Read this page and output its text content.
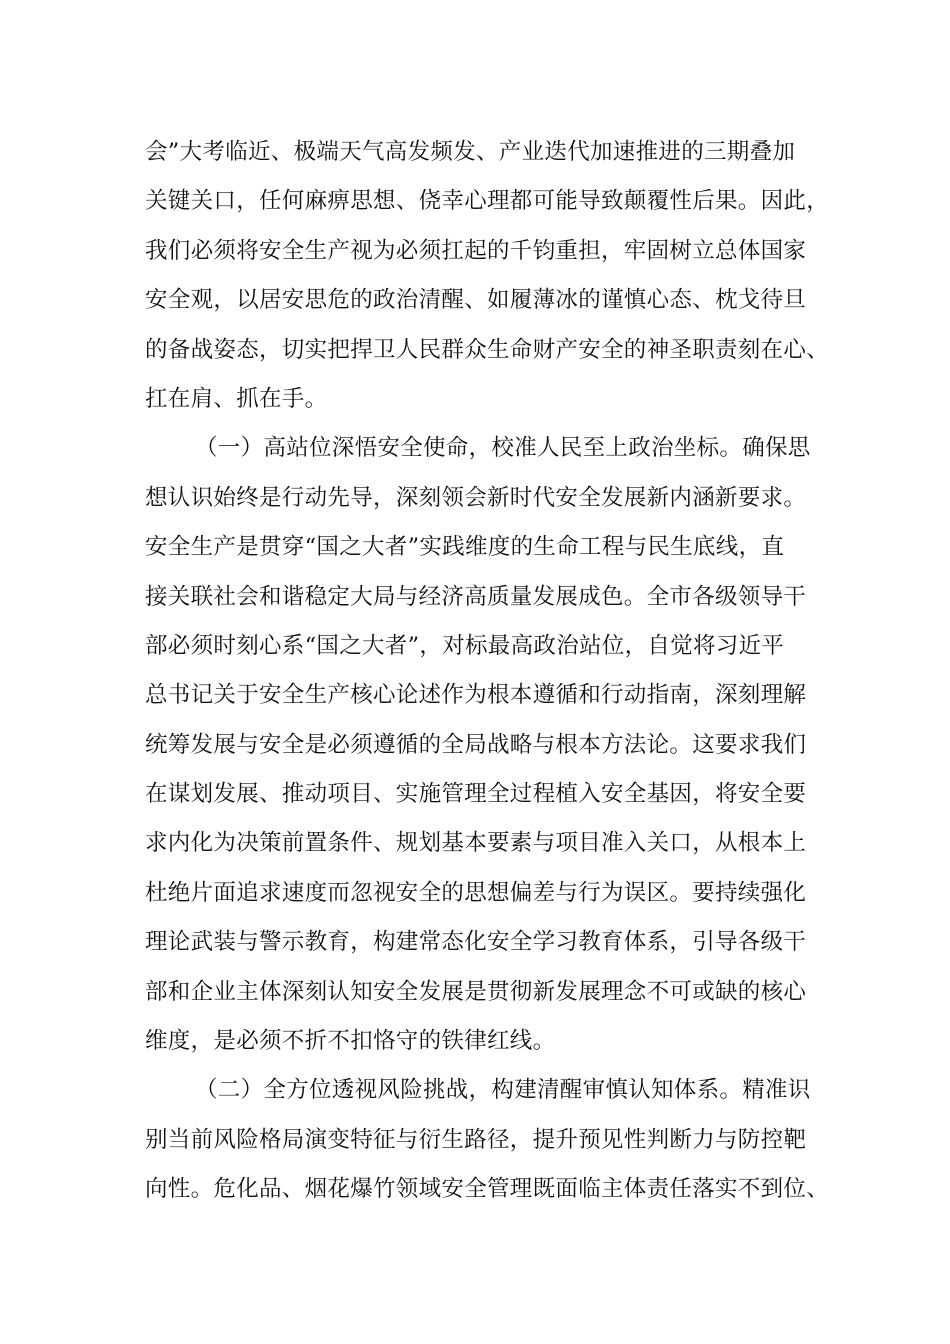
会”大考临近、极端天气高发频发、产业迭代加速推进的三期叠加
关键关口，任何麻痹思想、侥幸心理都可能导致颠覆性后果。因此，
我们必须将安全生产视为必须扛起的千钧重担，牢固树立总体国家
安全观，以居安思危的政治清醒、如履薄冰的谨慎心态、枕戈待旦
的备战姿态，切实把捍卫人民群众生命财产安全的神圣职责刻在心、
扛在肩、抓在手。
（一）高站位深悟安全使命，校准人民至上政治坐标。确保思
想认识始终是行动先导，深刻领会新时代安全发展新内涵新要求。
安全生产是贯穿“国之大者”实践维度的生命工程与民生底线，直
接关联社会和谐稳定大局与经济高质量发展成色。全市各级领导干
部必须时刻心系“国之大者”，对标最高政治站位，自觉将习近平
总书记关于安全生产核心论述作为根本遵循和行动指南，深刻理解
统筹发展与安全是必须遵循的全局战略与根本方法论。这要求我们
在谋划发展、推动项目、实施管理全过程植入安全基因，将安全要
求内化为决策前置条件、规划基本要素与项目准入关口，从根本上
杜绝片面追求速度而忽视安全的思想偏差与行为误区。要持续强化
理论武装与警示教育，构建常态化安全学习教育体系，引导各级干
部和企业主体深刻认知安全发展是贯彻新发展理念不可或缺的核心
维度，是必须不折不扣恪守的铁律红线。
（二）全方位透视风险挑战，构建清醒审慎认知体系。精准识
别当前风险格局演变特征与衍生路径，提升预见性判断力与防控靶
向性。危化品、烟花爆竹领域安全管理既面临主体责任落实不到位、
